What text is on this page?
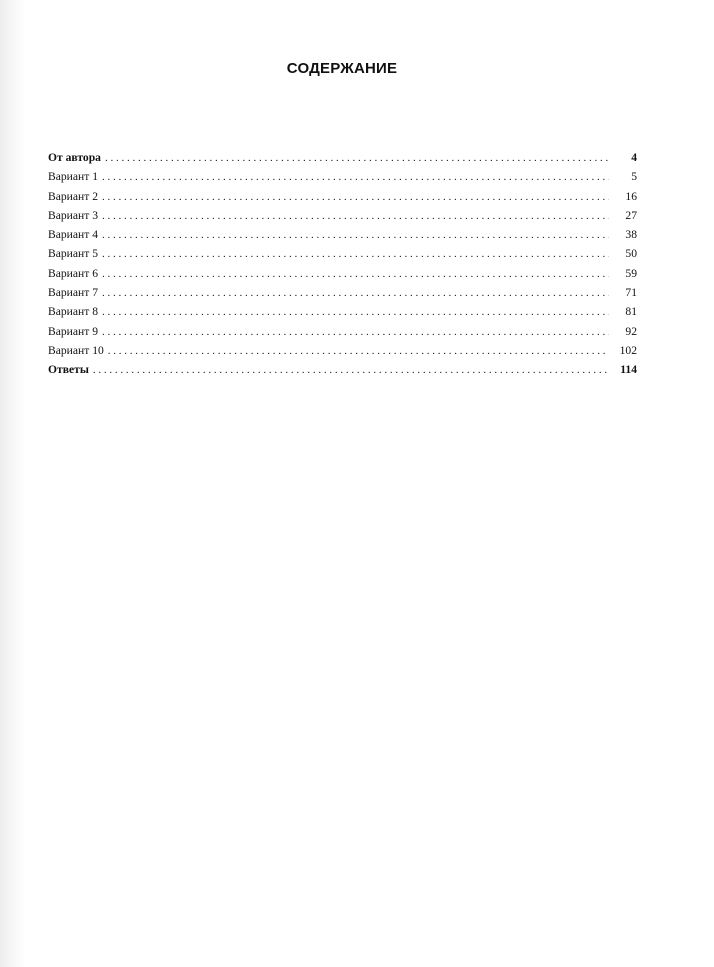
СОДЕРЖАНИЕ
От автора . . .	4
Вариант 1 . . .	5
Вариант 2 . . .	16
Вариант 3 . . .	27
Вариант 4 . . .	38
Вариант 5 . . .	50
Вариант 6 . . .	59
Вариант 7 . . .	71
Вариант 8 . . .	81
Вариант 9 . . .	92
Вариант 10 . . .	102
Ответы . . .	114
